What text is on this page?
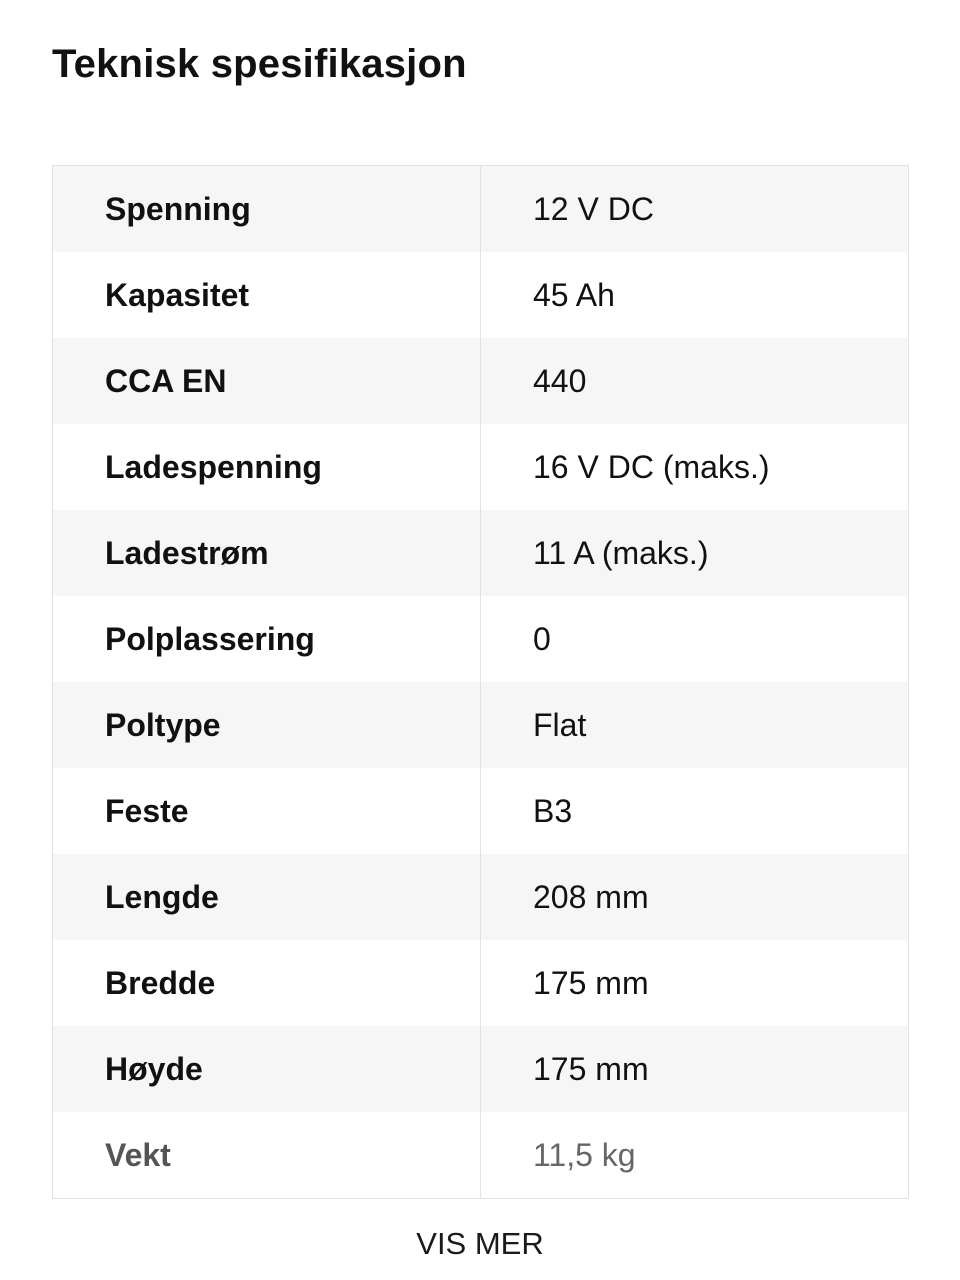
Teknisk spesifikasjon
Spenning	12 V DC
Kapasitet	45 Ah
CCA EN	440
Ladespenning	16 V DC (maks.)
Ladestrøm	11 A (maks.)
Polplassering	0
Poltype	Flat
Feste	B3
Lengde	208 mm
Bredde	175 mm
Høyde	175 mm
Vekt	11,5 kg
VIS MER
